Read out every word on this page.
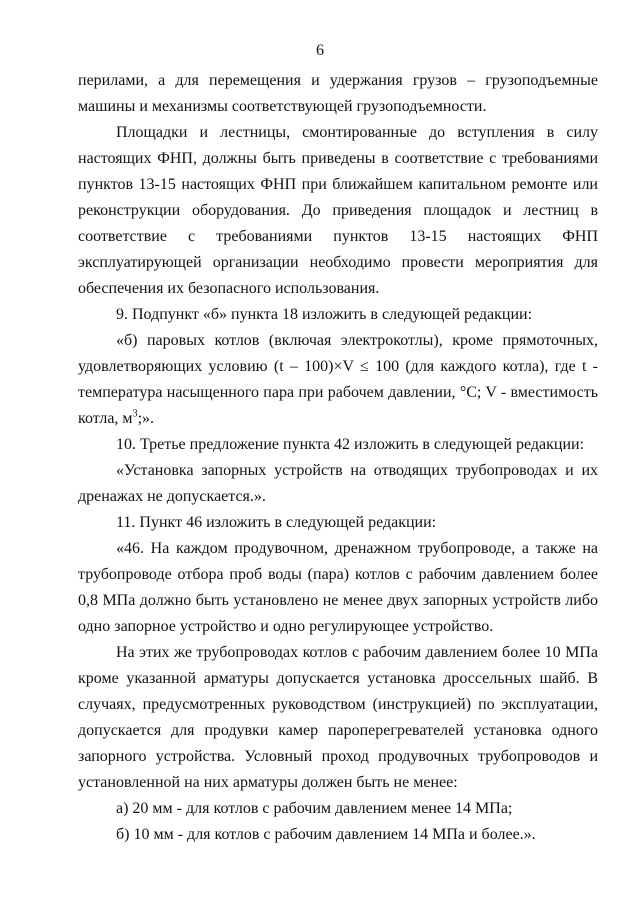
6

перилами, а для перемещения и удержания грузов – грузоподъемные машины и механизмы соответствующей грузоподъемности.

Площадки и лестницы, смонтированные до вступления в силу настоящих ФНП, должны быть приведены в соответствие с требованиями пунктов 13-15 настоящих ФНП при ближайшем капитальном ремонте или реконструкции оборудования. До приведения площадок и лестниц в соответствие с требованиями пунктов 13-15 настоящих ФНП эксплуатирующей организации необходимо провести мероприятия для обеспечения их безопасного использования.

9. Подпункт «б» пункта 18 изложить в следующей редакции:

«б) паровых котлов (включая электрокотлы), кроме прямоточных, удовлетворяющих условию (t – 100)×V ≤ 100 (для каждого котла), где t - температура насыщенного пара при рабочем давлении, °C; V - вместимость котла, $м^3$;».

10. Третье предложение пункта 42 изложить в следующей редакции:

«Установка запорных устройств на отводящих трубопроводах и их дренажах не допускается.».

11. Пункт 46 изложить в следующей редакции:

«46. На каждом продувочном, дренажном трубопроводе, а также на трубопроводе отбора проб воды (пара) котлов с рабочим давлением более 0,8 МПа должно быть установлено не менее двух запорных устройств либо одно запорное устройство и одно регулирующее устройство.

На этих же трубопроводах котлов с рабочим давлением более 10 МПа кроме указанной арматуры допускается установка дроссельных шайб. В случаях, предусмотренных руководством (инструкцией) по эксплуатации, допускается для продувки камер пароперегревателей установка одного запорного устройства. Условный проход продувочных трубопроводов и установленной на них арматуры должен быть не менее:

а) 20 мм - для котлов с рабочим давлением менее 14 МПа;

б) 10 мм - для котлов с рабочим давлением 14 МПа и более.».
